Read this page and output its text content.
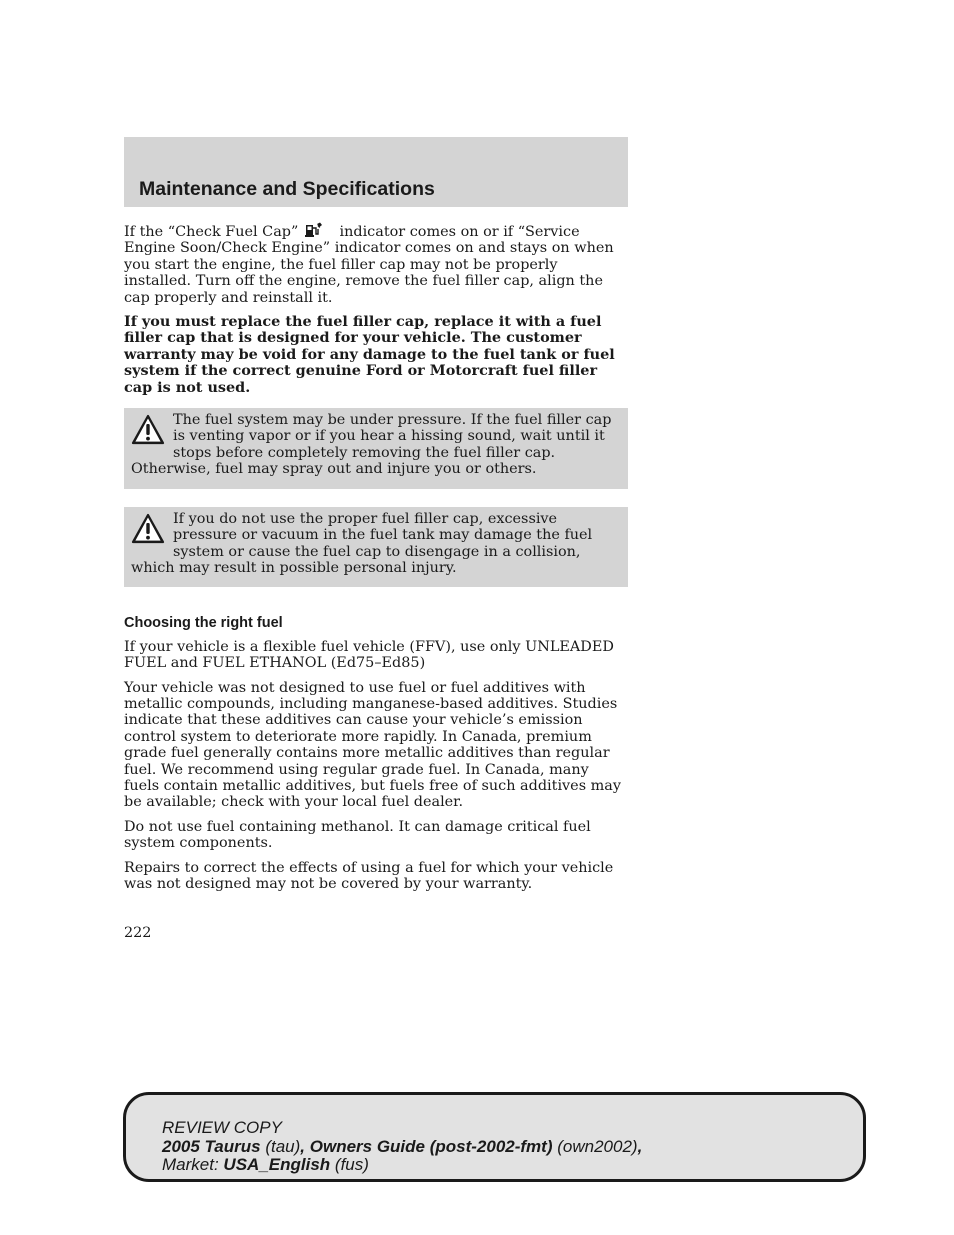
Maintenance and Specifications

If the “Check Fuel Cap”	indicator comes on or if “Service Engine Soon/Check Engine” indicator comes on and stays on when you start the engine, the fuel filler cap may not be properly installed. Turn off the engine, remove the fuel filler cap, align the cap properly and reinstall it.

If you must replace the fuel filler cap, replace it with a fuel filler cap that is designed for your vehicle. The customer warranty may be void for any damage to the fuel tank or fuel system if the correct genuine Ford or Motorcraft fuel filler cap is not used.

The fuel system may be under pressure. If the fuel filler cap is venting vapor or if you hear a hissing sound, wait until it stops before completely removing the fuel filler cap. Otherwise, fuel may spray out and injure you or others.
If you do not use the proper fuel filler cap, excessive pressure or vacuum in the fuel tank may damage the fuel system or cause the fuel cap to disengage in a collision, which may result in possible personal injury.
Choosing the right fuel

If your vehicle is a flexible fuel vehicle (FFV), use only UNLEADED FUEL and FUEL ETHANOL (Ed75–Ed85)

Your vehicle was not designed to use fuel or fuel additives with metallic compounds, including manganese-based additives. Studies indicate that these additives can cause your vehicle’s emission control system to deteriorate more rapidly. In Canada, premium grade fuel generally contains more metallic additives than regular fuel. We recommend using regular grade fuel. In Canada, many fuels contain metallic additives, but fuels free of such additives may be available; check with your local fuel dealer.

Do not use fuel containing methanol. It can damage critical fuel system components.

Repairs to correct the effects of using a fuel for which your vehicle was not designed may not be covered by your warranty.

222
REVIEW COPY
2005 Taurus (tau), Owners Guide (post-2002-fmt) (own2002),
Market: USA_English (fus)
